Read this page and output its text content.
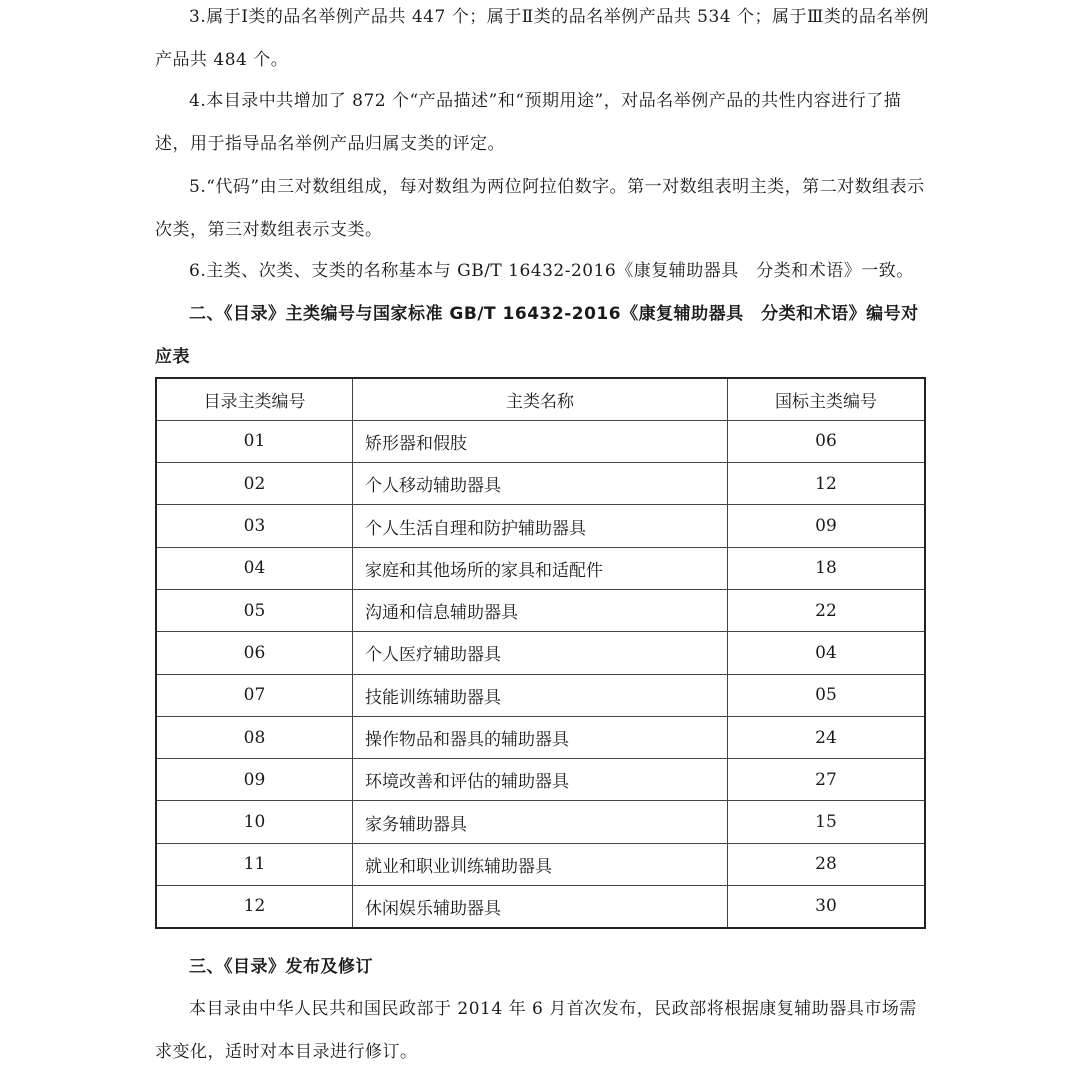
3.属于Ⅰ类的品名举例产品共 447 个；属于Ⅱ类的品名举例产品共 534 个；属于Ⅲ类的品名举例产品共 484 个。

4.本目录中共增加了 872 个“产品描述”和“预期用途”，对品名举例产品的共性内容进行了描述，用于指导品名举例产品归属支类的评定。

5.“代码”由三对数组组成，每对数组为两位阿拉伯数字。第一对数组表明主类，第二对数组表示次类，第三对数组表示支类。

6.主类、次类、支类的名称基本与 GB/T 16432-2016《康复辅助器具　分类和术语》一致。

二、《目录》主类编号与国家标准 GB/T 16432-2016《康复辅助器具　分类和术语》编号对应表
目录主类编号	主类名称	国标主类编号
01	矫形器和假肢	06
02	个人移动辅助器具	12
03	个人生活自理和防护辅助器具	09
04	家庭和其他场所的家具和适配件	18
05	沟通和信息辅助器具	22
06	个人医疗辅助器具	04
07	技能训练辅助器具	05
08	操作物品和器具的辅助器具	24
09	环境改善和评估的辅助器具	27
10	家务辅助器具	15
11	就业和职业训练辅助器具	28
12	休闲娱乐辅助器具	30
三、《目录》发布及修订

本目录由中华人民共和国民政部于 2014 年 6 月首次发布，民政部将根据康复辅助器具市场需求变化，适时对本目录进行修订。
